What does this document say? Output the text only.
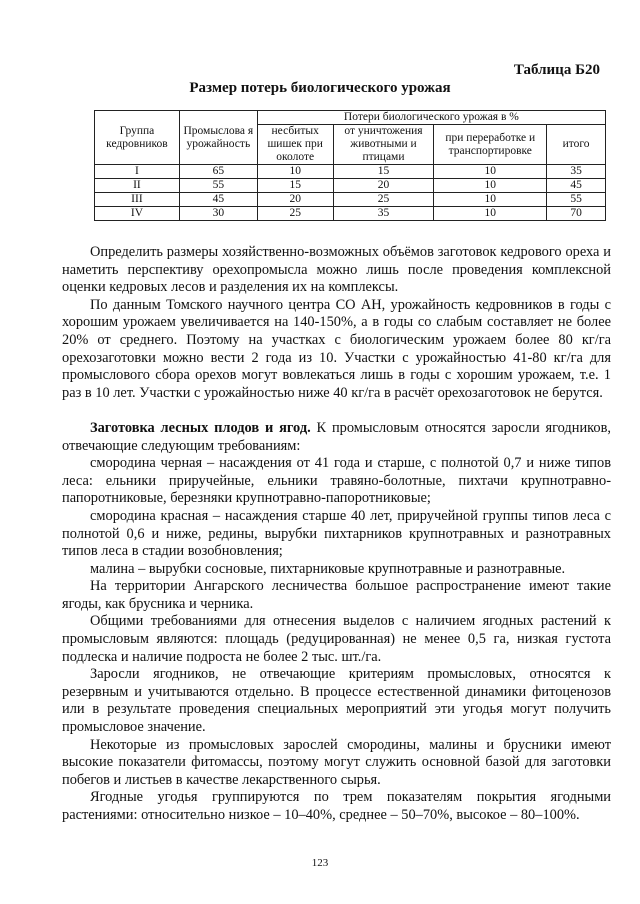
Таблица Б20
Размер потерь биологического урожая
Группа кедровников	Промыслова я урожайность	Потери биологического урожая в %			
		несбитых шишек при околоте	от уничтожения животными и птицами	при переработке и транспортировке	итого
I	65	10	15	10	35
II	55	15	20	10	45
III	45	20	25	10	55
IV	30	25	35	10	70

Определить размеры хозяйственно-возможных объёмов заготовок кедрового ореха и наметить перспективу орехопромысла можно лишь после проведения комплексной оценки кедровых лесов и разделения их на комплексы.

По данным Томского научного центра СО АН, урожайность кедровников в годы с хорошим урожаем увеличивается на 140-150%, а в годы со слабым составляет не более 20% от среднего. Поэтому на участках с биологическим урожаем более 80 кг/га орехозаготовки можно вести 2 года из 10. Участки с урожайностью 41-80 кг/га для промыслового сбора орехов могут вовлекаться лишь в годы с хорошим урожаем, т.е. 1 раз в 10 лет. Участки с урожайностью ниже 40 кг/га в расчёт орехозаготовок не берутся.

Заготовка лесных плодов и ягод. К промысловым относятся заросли ягодников, отвечающие следующим требованиям:

смородина черная – насаждения от 41 года и старше, с полнотой 0,7 и ниже типов леса: ельники приручейные, ельники травяно-болотные, пихтачи крупнотравно-папоротниковые, березняки крупнотравно-папоротниковые;

смородина красная – насаждения старше 40 лет, приручейной группы типов леса с полнотой 0,6 и ниже, редины, вырубки пихтарников крупнотравных и разнотравных типов леса в стадии возобновления;

малина – вырубки сосновые, пихтарниковые крупнотравные и разнотравные.

На территории Ангарского лесничества большое распространение имеют такие ягоды, как брусника и черника.

Общими требованиями для отнесения выделов с наличием ягодных растений к промысловым являются: площадь (редуцированная) не менее 0,5 га, низкая густота подлеска и наличие подроста не более 2 тыс. шт./га.

Заросли ягодников, не отвечающие критериям промысловых, относятся к резервным и учитываются отдельно. В процессе естественной динамики фитоценозов или в результате проведения специальных мероприятий эти угодья могут получить промысловое значение.

Некоторые из промысловых зарослей смородины, малины и брусники имеют высокие показатели фитомассы, поэтому могут служить основной базой для заготовки побегов и листьев в качестве лекарственного сырья.

Ягодные угодья группируются по трем показателям покрытия ягодными растениями: относительно низкое – 10–40%, среднее – 50–70%, высокое – 80–100%.

123
